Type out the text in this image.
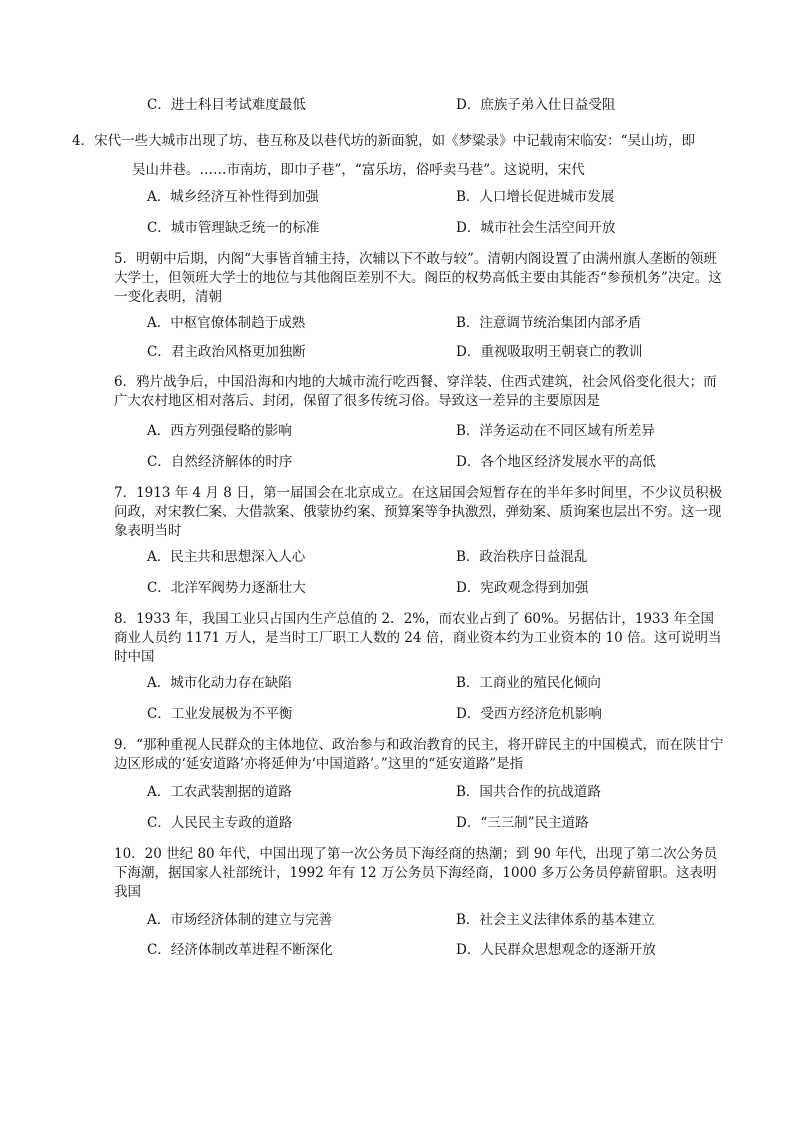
C．进士科目考试难度最低	D．庶族子弟入仕日益受阻
4．宋代一些大城市出现了坊、巷互称及以巷代坊的新面貌，如《梦粱录》中记载南宋临安：“吴山坊，即
吴山井巷。……市南坊，即巾子巷”，“富乐坊，俗呼卖马巷”。这说明，宋代
A．城乡经济互补性得到加强	B．人口增长促进城市发展
C．城市管理缺乏统一的标准	D．城市社会生活空间开放
5．明朝中后期，内阁“大事皆首辅主持，次辅以下不敢与较”。清朝内阁设置了由满州旗人垄断的领班大学士，但领班大学士的地位与其他阁臣差别不大。阁臣的权势高低主要由其能否“参预机务”决定。这一变化表明，清朝
A．中枢官僚体制趋于成熟	B．注意调节统治集团内部矛盾
C．君主政治风格更加独断	D．重视吸取明王朝衰亡的教训
6．鸦片战争后，中国沿海和内地的大城市流行吃西餐、穿洋装、住西式建筑，社会风俗变化很大；而广大农村地区相对落后、封闭，保留了很多传统习俗。导致这一差异的主要原因是
A．西方列强侵略的影响	B．洋务运动在不同区域有所差异
C．自然经济解体的时序	D．各个地区经济发展水平的高低
7．1913 年 4 月 8 日，第一届国会在北京成立。在这届国会短暂存在的半年多时间里，不少议员积极问政，对宋教仁案、大借款案、俄蒙协约案、预算案等争执激烈，弹劾案、质询案也层出不穷。这一现象表明当时
A．民主共和思想深入人心	B．政治秩序日益混乱
C．北洋军阀势力逐渐壮大	D．宪政观念得到加强
8．1933 年，我国工业只占国内生产总值的 2．2%，而农业占到了 60%。另据估计，1933 年全国商业人员约 1171 万人，是当时工厂职工人数的 24 倍，商业资本约为工业资本的 10 倍。这可说明当时中国
A．城市化动力存在缺陷	B．工商业的殖民化倾向
C．工业发展极为不平衡	D．受西方经济危机影响
9．“那种重视人民群众的主体地位、政治参与和政治教育的民主，将开辟民主的中国模式，而在陕甘宁边区形成的‘延安道路’亦将延伸为‘中国道路’。”这里的“延安道路”是指
A．工农武装割据的道路	B．国共合作的抗战道路
C．人民民主专政的道路	D．“三三制”民主道路
10．20 世纪 80 年代，中国出现了第一次公务员下海经商的热潮；到 90 年代，出现了第二次公务员下海潮，据国家人社部统计，1992 年有 12 万公务员下海经商，1000 多万公务员停薪留职。这表明我国
A．市场经济体制的建立与完善	B．社会主义法律体系的基本建立
C．经济体制改革进程不断深化	D．人民群众思想观念的逐渐开放
